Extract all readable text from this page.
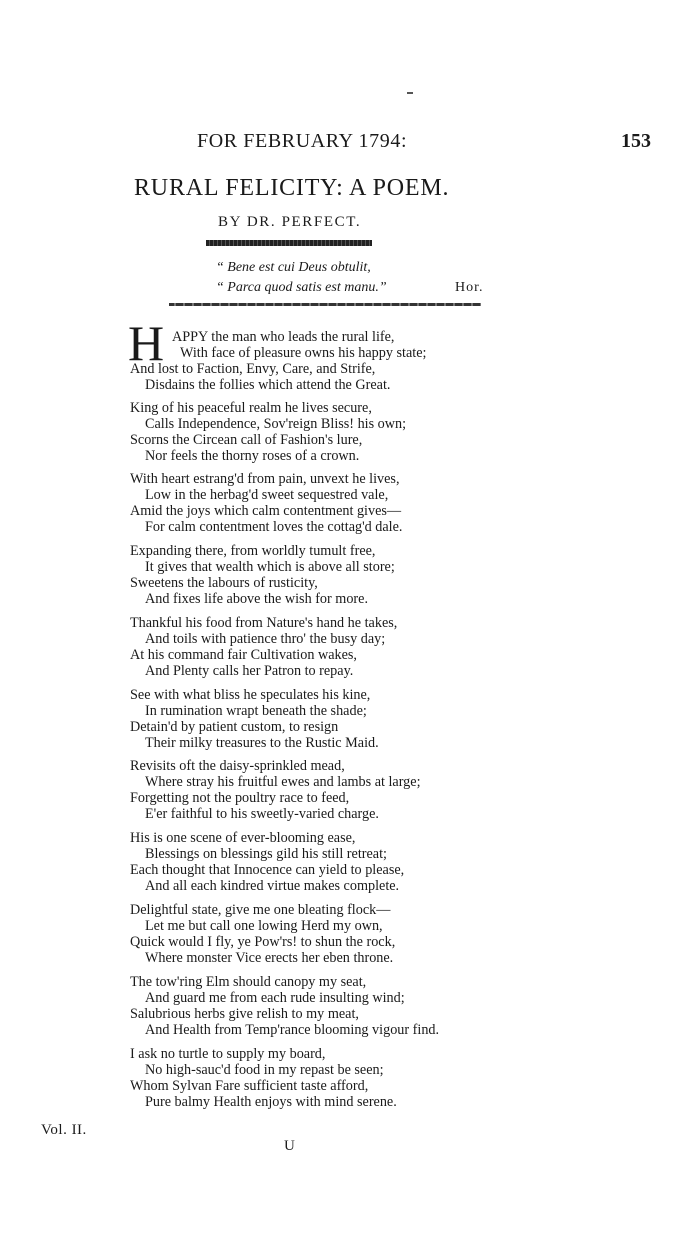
FOR FEBRUARY 1794:	153
RURAL FELICITY: A POEM.
BY DR. PERFECT.
“ Bene est cui Deus obtulit,
“ Parca quod satis est manu.”	Hor.
H APPY the man who leads the rural life,
With face of pleasure owns his happy state;
And lost to Faction, Envy, Care, and Strife,
Disdains the follies which attend the Great.
King of his peaceful realm he lives secure,
Calls Independence, Sov'reign Bliss! his own;
Scorns the Circean call of Fashion's lure,
Nor feels the thorny roses of a crown.
With heart estrang'd from pain, unvext he lives,
Low in the herbag'd sweet sequestred vale,
Amid the joys which calm contentment gives—
For calm contentment loves the cottag'd dale.
Expanding there, from worldly tumult free,
It gives that wealth which is above all store;
Sweetens the labours of rusticity,
And fixes life above the wish for more.
Thankful his food from Nature's hand he takes,
And toils with patience thro' the busy day;
At his command fair Cultivation wakes,
And Plenty calls her Patron to repay.
See with what bliss he speculates his kine,
In rumination wrapt beneath the shade;
Detain'd by patient custom, to resign
Their milky treasures to the Rustic Maid.
Revisits oft the daisy-sprinkled mead,
Where stray his fruitful ewes and lambs at large;
Forgetting not the poultry race to feed,
E'er faithful to his sweetly-varied charge.
His is one scene of ever-blooming ease,
Blessings on blessings gild his still retreat;
Each thought that Innocence can yield to please,
And all each kindred virtue makes complete.
Delightful state, give me one bleating flock—
Let me but call one lowing Herd my own,
Quick would I fly, ye Pow'rs! to shun the rock,
Where monster Vice erects her eben throne.
The tow'ring Elm should canopy my seat,
And guard me from each rude insulting wind;
Salubrious herbs give relish to my meat,
And Health from Temp'rance blooming vigour find.
I ask no turtle to supply my board,
No high-sauc'd food in my repast be seen;
Whom Sylvan Fare sufficient taste afford,
Pure balmy Health enjoys with mind serene.
Vol. II.
U
